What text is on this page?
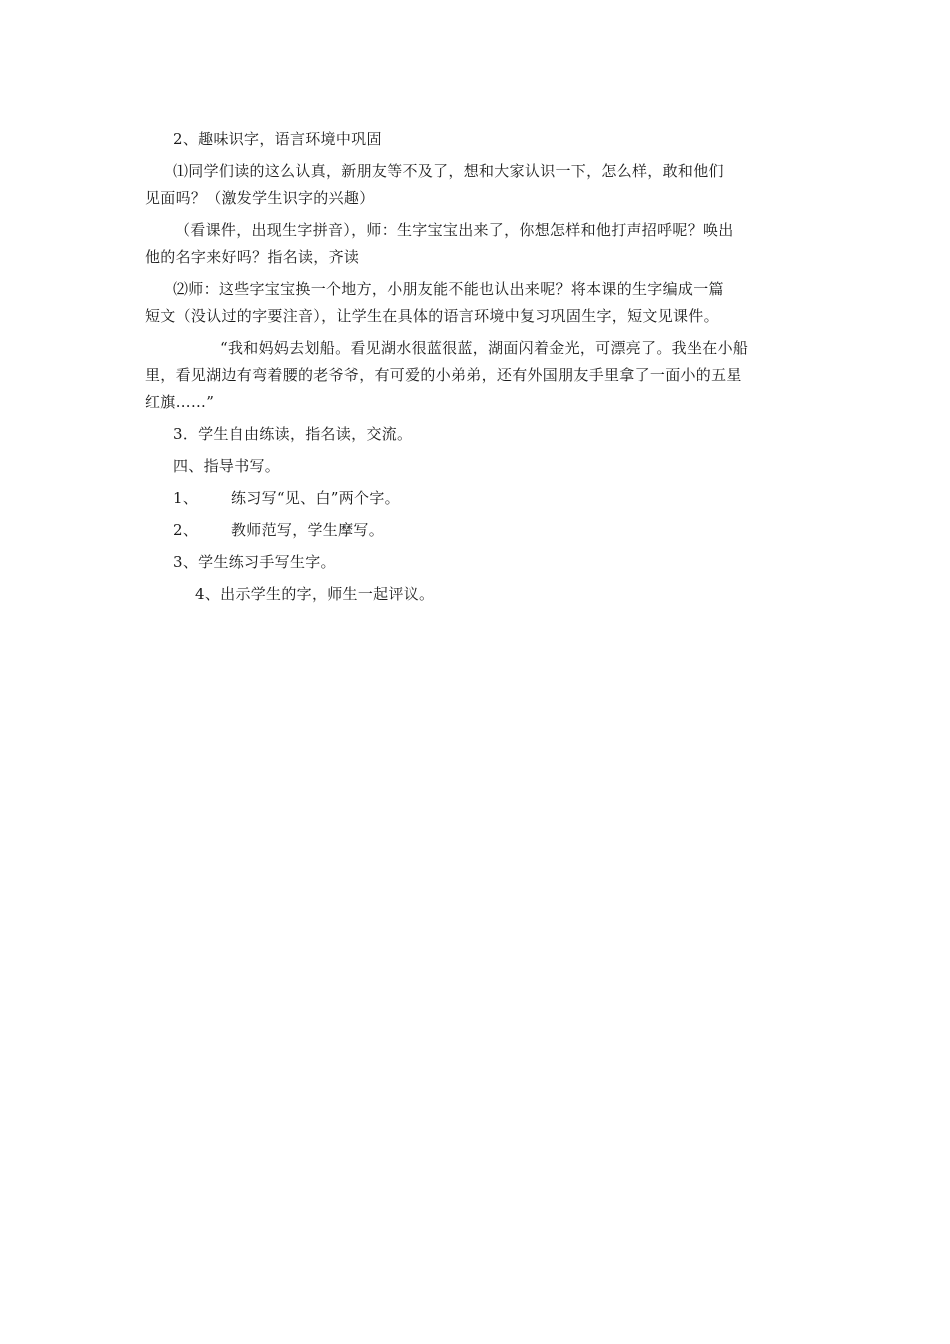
2、趣味识字，语言环境中巩固

⑴同学们读的这么认真，新朋友等不及了，想和大家认识一下，怎么样，敢和他们

见面吗？（激发学生识字的兴趣）

（看课件，出现生字拼音），师：生字宝宝出来了，你想怎样和他打声招呼呢？唤出

他的名字来好吗？指名读，齐读

⑵师：这些字宝宝换一个地方，小朋友能不能也认出来呢？将本课的生字编成一篇

短文（没认过的字要注音），让学生在具体的语言环境中复习巩固生字，短文见课件。

“我和妈妈去划船。看见湖水很蓝很蓝，湖面闪着金光，可漂亮了。我坐在小船

里，看见湖边有弯着腰的老爷爷，有可爱的小弟弟，还有外国朋友手里拿了一面小的五星

红旗……”

3．学生自由练读，指名读，交流。

四、指导书写。

1、 练习写“见、白”两个字。

2、 教师范写，学生摩写。

3、学生练习手写生字。

4、出示学生的字，师生一起评议。
